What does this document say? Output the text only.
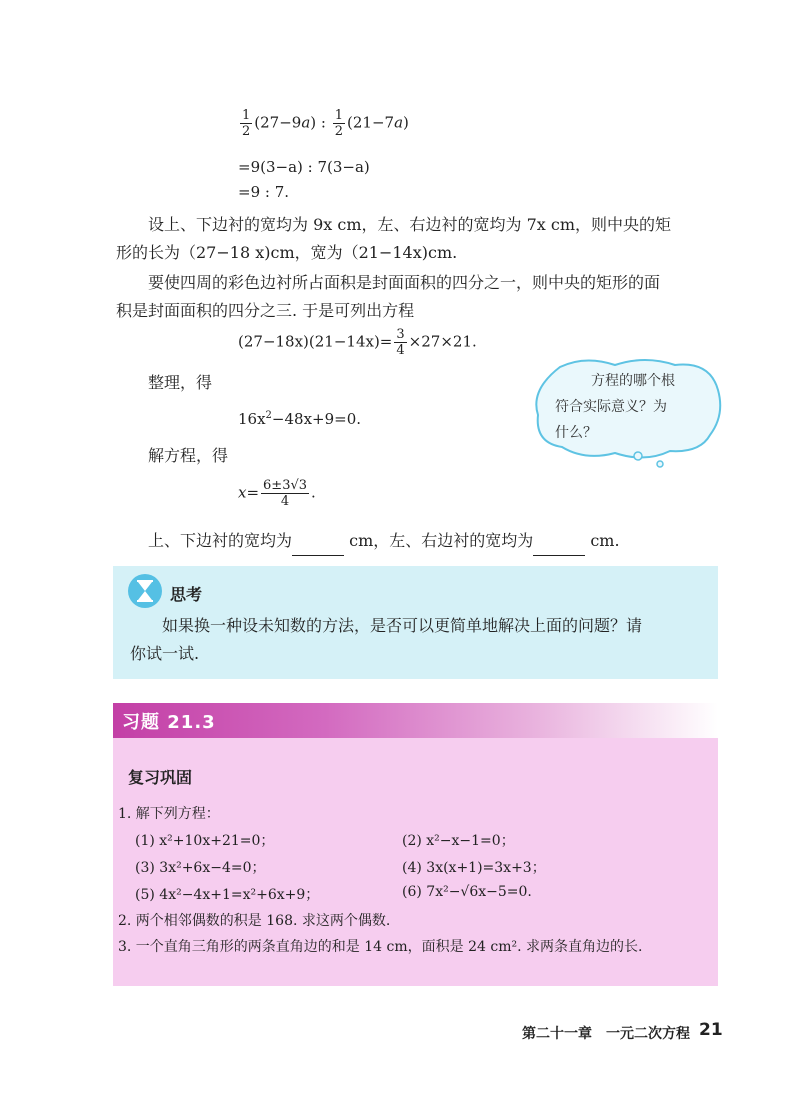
$\frac{1}{2} (27-9a)$ : $\frac{1}{2} (21-7a)$
=9(3−a) : 7(3−a)
=9 : 7.
设上、下边衬的宽均为 9x cm，左、右边衬的宽均为 7x cm，则中央的矩
形的长为（27−18 x)cm，宽为（21−14x)cm.
要使四周的彩色边衬所占面积是封面面积的四分之一，则中央的矩形的面
积是封面面积的四分之三. 于是可列出方程
$(27-18x)(21-14x)= \frac{3}{4} \times 27\times 21$.
整理，得
$16x^2-48x+9=0$.
解方程，得
$x= \frac{6\pm 3√3}{4}$ .
上、下边衬的宽均为	cm，左、右边衬的宽均为	cm.
方程的哪个根
符合实际意义？为
什么？
思考
如果换一种设未知数的方法，是否可以更简单地解决上面的问题？请
你试一试.
习题 21.3
复习巩固
1. 解下列方程：
(1) x²+10x+21=0；	(2) x²−x−1=0；
(3) 3x²+6x−4=0；	(4) 3x(x+1)=3x+3；
(5) 4x²−4x+1=x²+6x+9；	(6) 7x²−√6x−5=0.
2. 两个相邻偶数的积是 168. 求这两个偶数.
3. 一个直角三角形的两条直角边的和是 14 cm，面积是 24 cm². 求两条直角边的长.
第二十一章　一元二次方程 21
